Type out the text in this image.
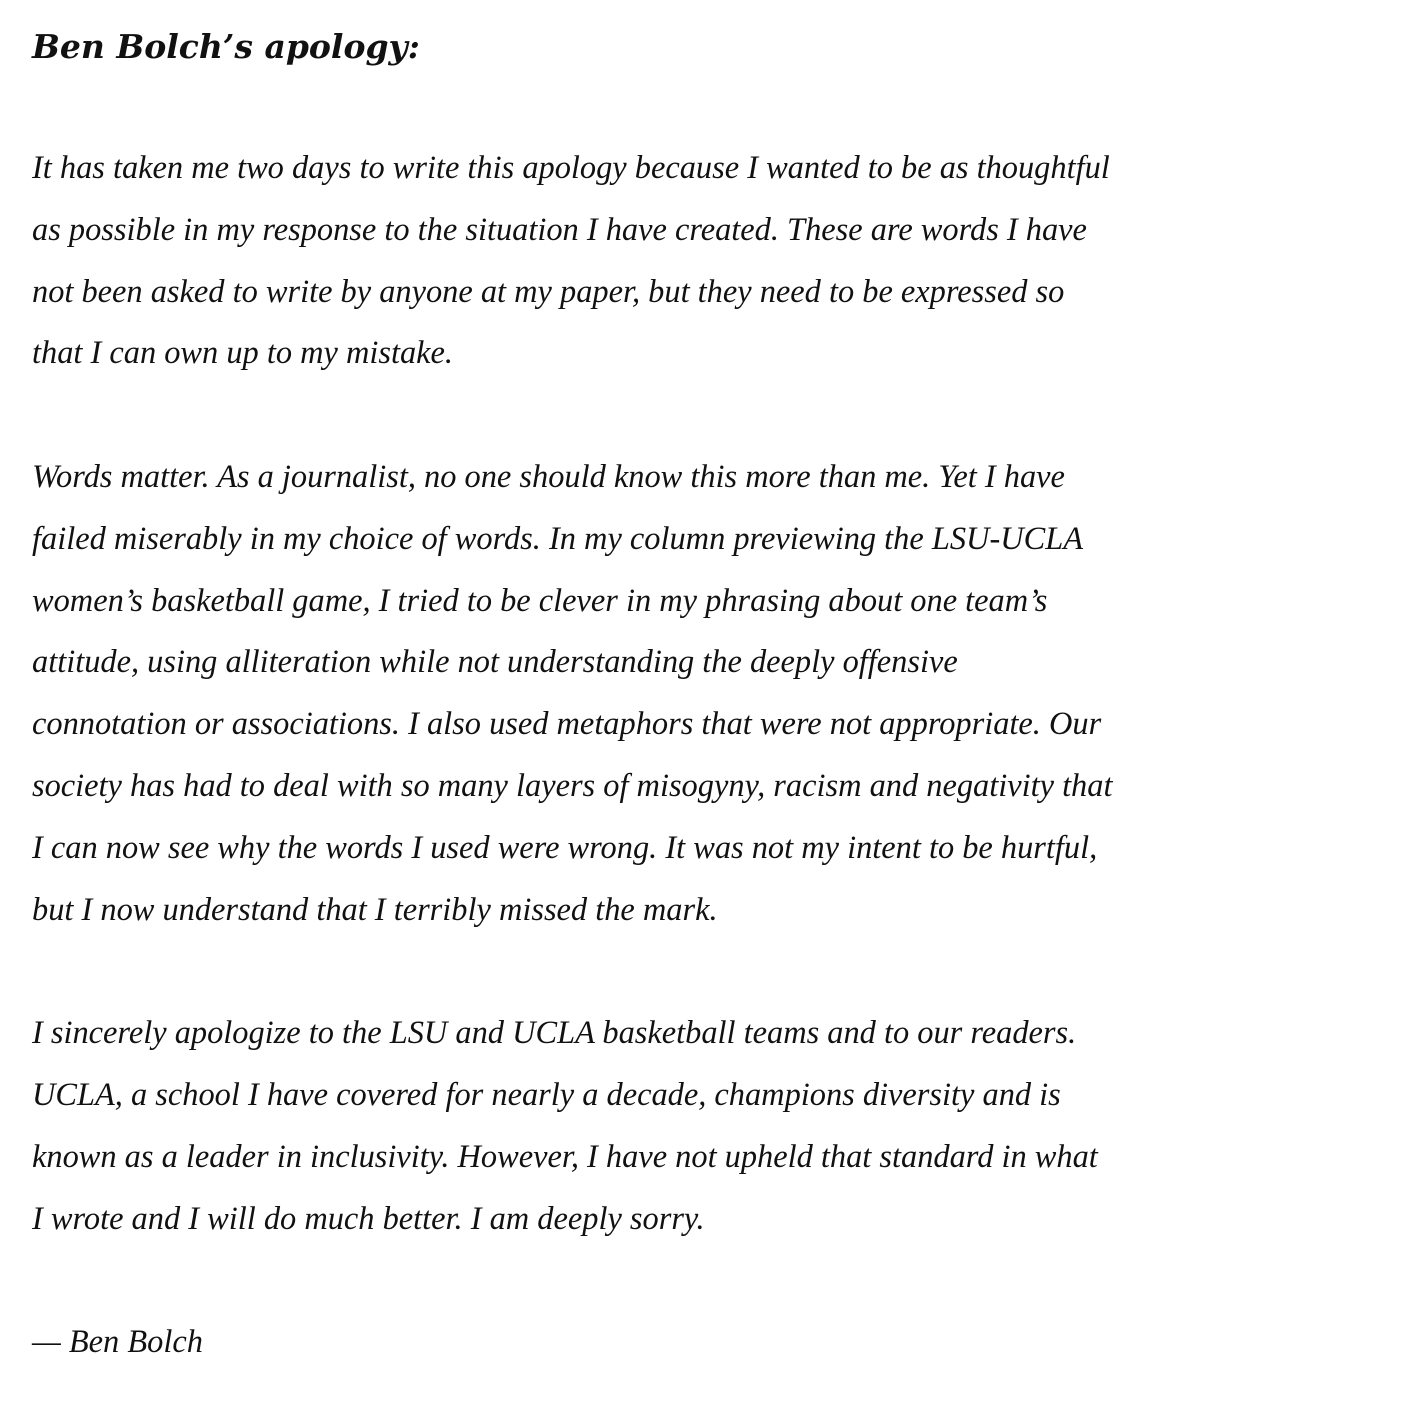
Ben Bolch’s apology:

It has taken me two days to write this apology because I wanted to be as thoughtful
as possible in my response to the situation I have created. These are words I have
not been asked to write by anyone at my paper, but they need to be expressed so
that I can own up to my mistake.

Words matter. As a journalist, no one should know this more than me. Yet I have
failed miserably in my choice of words. In my column previewing the LSU-UCLA
women’s basketball game, I tried to be clever in my phrasing about one team’s
attitude, using alliteration while not understanding the deeply offensive
connotation or associations. I also used metaphors that were not appropriate. Our
society has had to deal with so many layers of misogyny, racism and negativity that
I can now see why the words I used were wrong. It was not my intent to be hurtful,
but I now understand that I terribly missed the mark.

I sincerely apologize to the LSU and UCLA basketball teams and to our readers.
UCLA, a school I have covered for nearly a decade, champions diversity and is
known as a leader in inclusivity. However, I have not upheld that standard in what
I wrote and I will do much better. I am deeply sorry.

— Ben Bolch
